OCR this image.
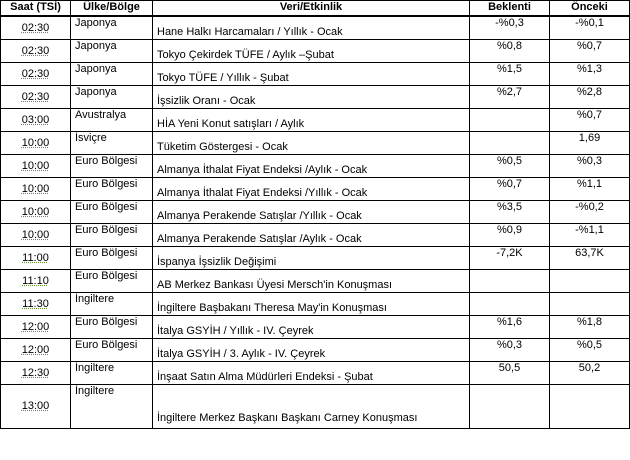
Saat (TSİ)	Ülke/Bölge	Veri/Etkinlik	Beklenti	Önceki
02:30	Japonya	Hane Halkı Harcamaları / Yıllık - Ocak	-%0,3	-%0,1
02:30	Japonya	Tokyo Çekirdek TÜFE / Aylık –Şubat	%0,8	%0,7
02:30	Japonya	Tokyo TÜFE / Yıllık - Şubat	%1,5	%1,3
02:30	Japonya	İşsizlik Oranı - Ocak	%2,7	%2,8
03:00	Avustralya	HİA Yeni Konut satışları / Aylık		%0,7
10:00	İsviçre	Tüketim Göstergesi - Ocak		1,69
10:00	Euro Bölgesi	Almanya İthalat Fiyat Endeksi /Aylık - Ocak	%0,5	%0,3
10:00	Euro Bölgesi	Almanya İthalat Fiyat Endeksi /Yıllık - Ocak	%0,7	%1,1
10:00	Euro Bölgesi	Almanya Perakende Satışlar /Yıllık - Ocak	%3,5	-%0,2
10:00	Euro Bölgesi	Almanya Perakende Satışlar /Aylık - Ocak	%0,9	-%1,1
11:00	Euro Bölgesi	İspanya İşsizlik Değişimi	-7,2K	63,7K
11:10	Euro Bölgesi	AB Merkez Bankası Üyesi Mersch'in Konuşması		
11:30	İngiltere	İngiltere Başbakanı Theresa May'in Konuşması		
12:00	Euro Bölgesi	İtalya GSYİH / Yıllık - IV. Çeyrek	%1,6	%1,8
12:00	Euro Bölgesi	İtalya GSYİH / 3. Aylık - IV. Çeyrek	%0,3	%0,5
12:30	İngiltere	İnşaat Satın Alma Müdürleri Endeksi - Şubat	50,5	50,2
13:00	İngiltere	İngiltere Merkez Başkanı Başkanı Carney Konuşması		
